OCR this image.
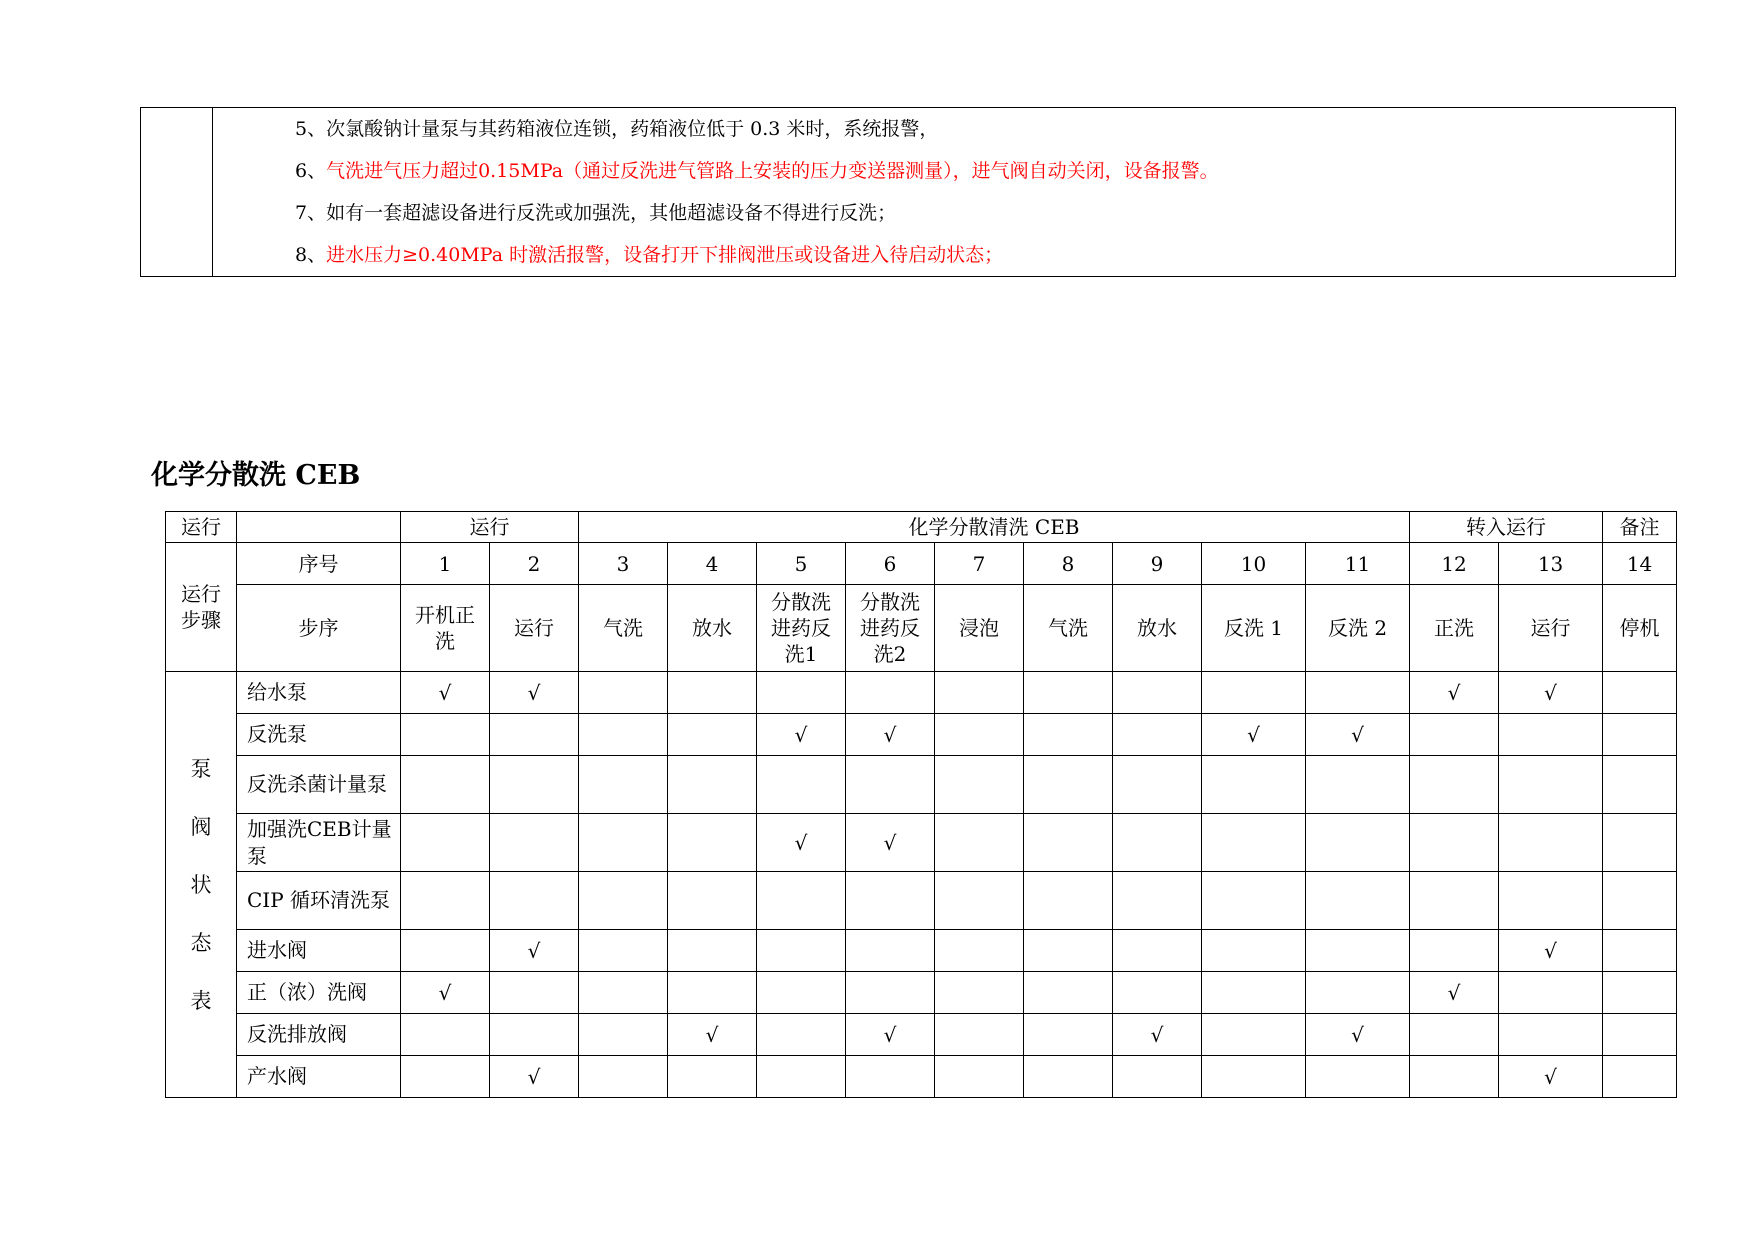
5、次氯酸钠计量泵与其药箱液位连锁，药箱液位低于 0.3 米时，系统报警，
6、气洗进气压力超过0.15MPa（通过反洗进气管路上安装的压力变送器测量），进气阀自动关闭，设备报警。
7、如有一套超滤设备进行反洗或加强洗，其他超滤设备不得进行反洗；
8、进水压力≥0.40MPa 时激活报警，设备打开下排阀泄压或设备进入待启动状态；
化学分散洗 CEB
运行		运行		化学分散清洗 CEB									转入运行		备注
运行步骤	序号	1	2	3	4	5	6	7	8	9	10	11	12	13	14
	步序	开机正洗	运行	气洗	放水	分散洗进药反洗1	分散洗进药反洗2	浸泡	气洗	放水	反洗 1	反洗 2	正洗	运行	停机

泵
阀
状
态
表	给水泵	√	√										√	√	
	反洗泵					√	√				√	√			
	反洗杀菌计量泵														
	加强洗CEB计量泵					√	√								
	CIP 循环清洗泵														
	进水阀		√											√	
	正（浓）洗阀	√											√		
	反洗排放阀				√		√			√		√			
	产水阀		√											√	
